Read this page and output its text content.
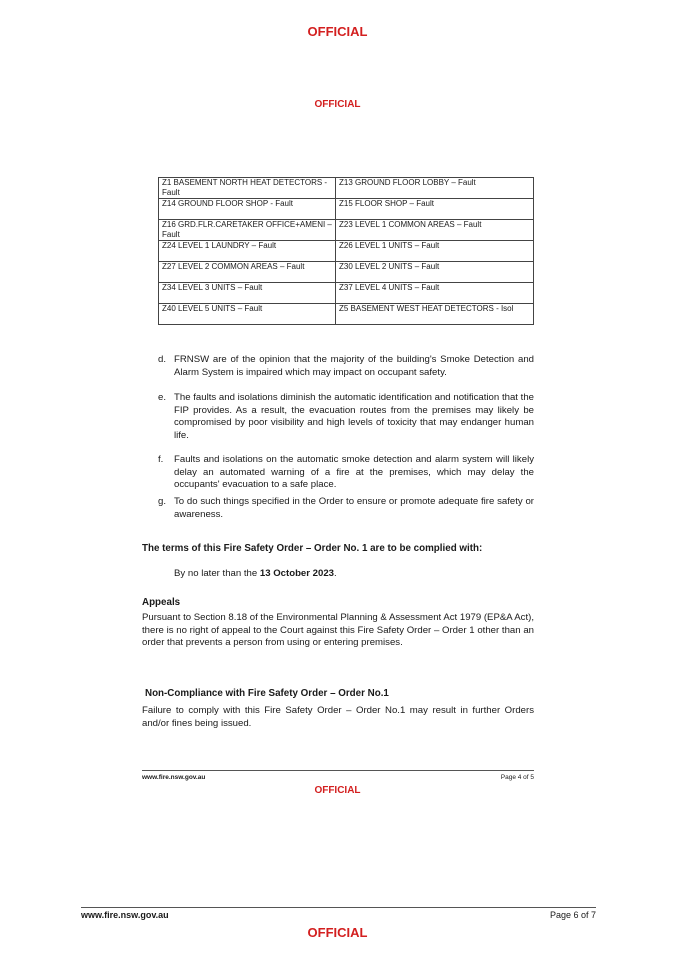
OFFICIAL
OFFICIAL
Z1 BASEMENT NORTH HEAT DETECTORS - Fault	Z13 GROUND FLOOR LOBBY – Fault
Z14 GROUND FLOOR SHOP - Fault	Z15 FLOOR SHOP – Fault
Z16 GRD.FLR.CARETAKER OFFICE+AMENI – Fault	Z23 LEVEL 1 COMMON AREAS – Fault
Z24 LEVEL 1 LAUNDRY – Fault	Z26 LEVEL 1 UNITS – Fault
Z27 LEVEL 2 COMMON AREAS – Fault	Z30 LEVEL 2 UNITS – Fault
Z34 LEVEL 3 UNITS – Fault	Z37 LEVEL 4 UNITS – Fault
Z40 LEVEL 5 UNITS – Fault	Z5 BASEMENT WEST HEAT DETECTORS - Isol
d. FRNSW are of the opinion that the majority of the building's Smoke Detection and Alarm System is impaired which may impact on occupant safety.
e. The faults and isolations diminish the automatic identification and notification that the FIP provides. As a result, the evacuation routes from the premises may likely be compromised by poor visibility and high levels of toxicity that may endanger human life.
f. Faults and isolations on the automatic smoke detection and alarm system will likely delay an automated warning of a fire at the premises, which may delay the occupants' evacuation to a safe place.
g. To do such things specified in the Order to ensure or promote adequate fire safety or awareness.
The terms of this Fire Safety Order – Order No. 1 are to be complied with:
By no later than the 13 October 2023.
Appeals
Pursuant to Section 8.18 of the Environmental Planning & Assessment Act 1979 (EP&A Act), there is no right of appeal to the Court against this Fire Safety Order – Order 1 other than an order that prevents a person from using or entering premises.
Non-Compliance with Fire Safety Order – Order No.1
Failure to comply with this Fire Safety Order – Order No.1 may result in further Orders and/or fines being issued.
www.fire.nsw.gov.au	Page 4 of 5
OFFICIAL
www.fire.nsw.gov.au	Page 6 of 7
OFFICIAL
